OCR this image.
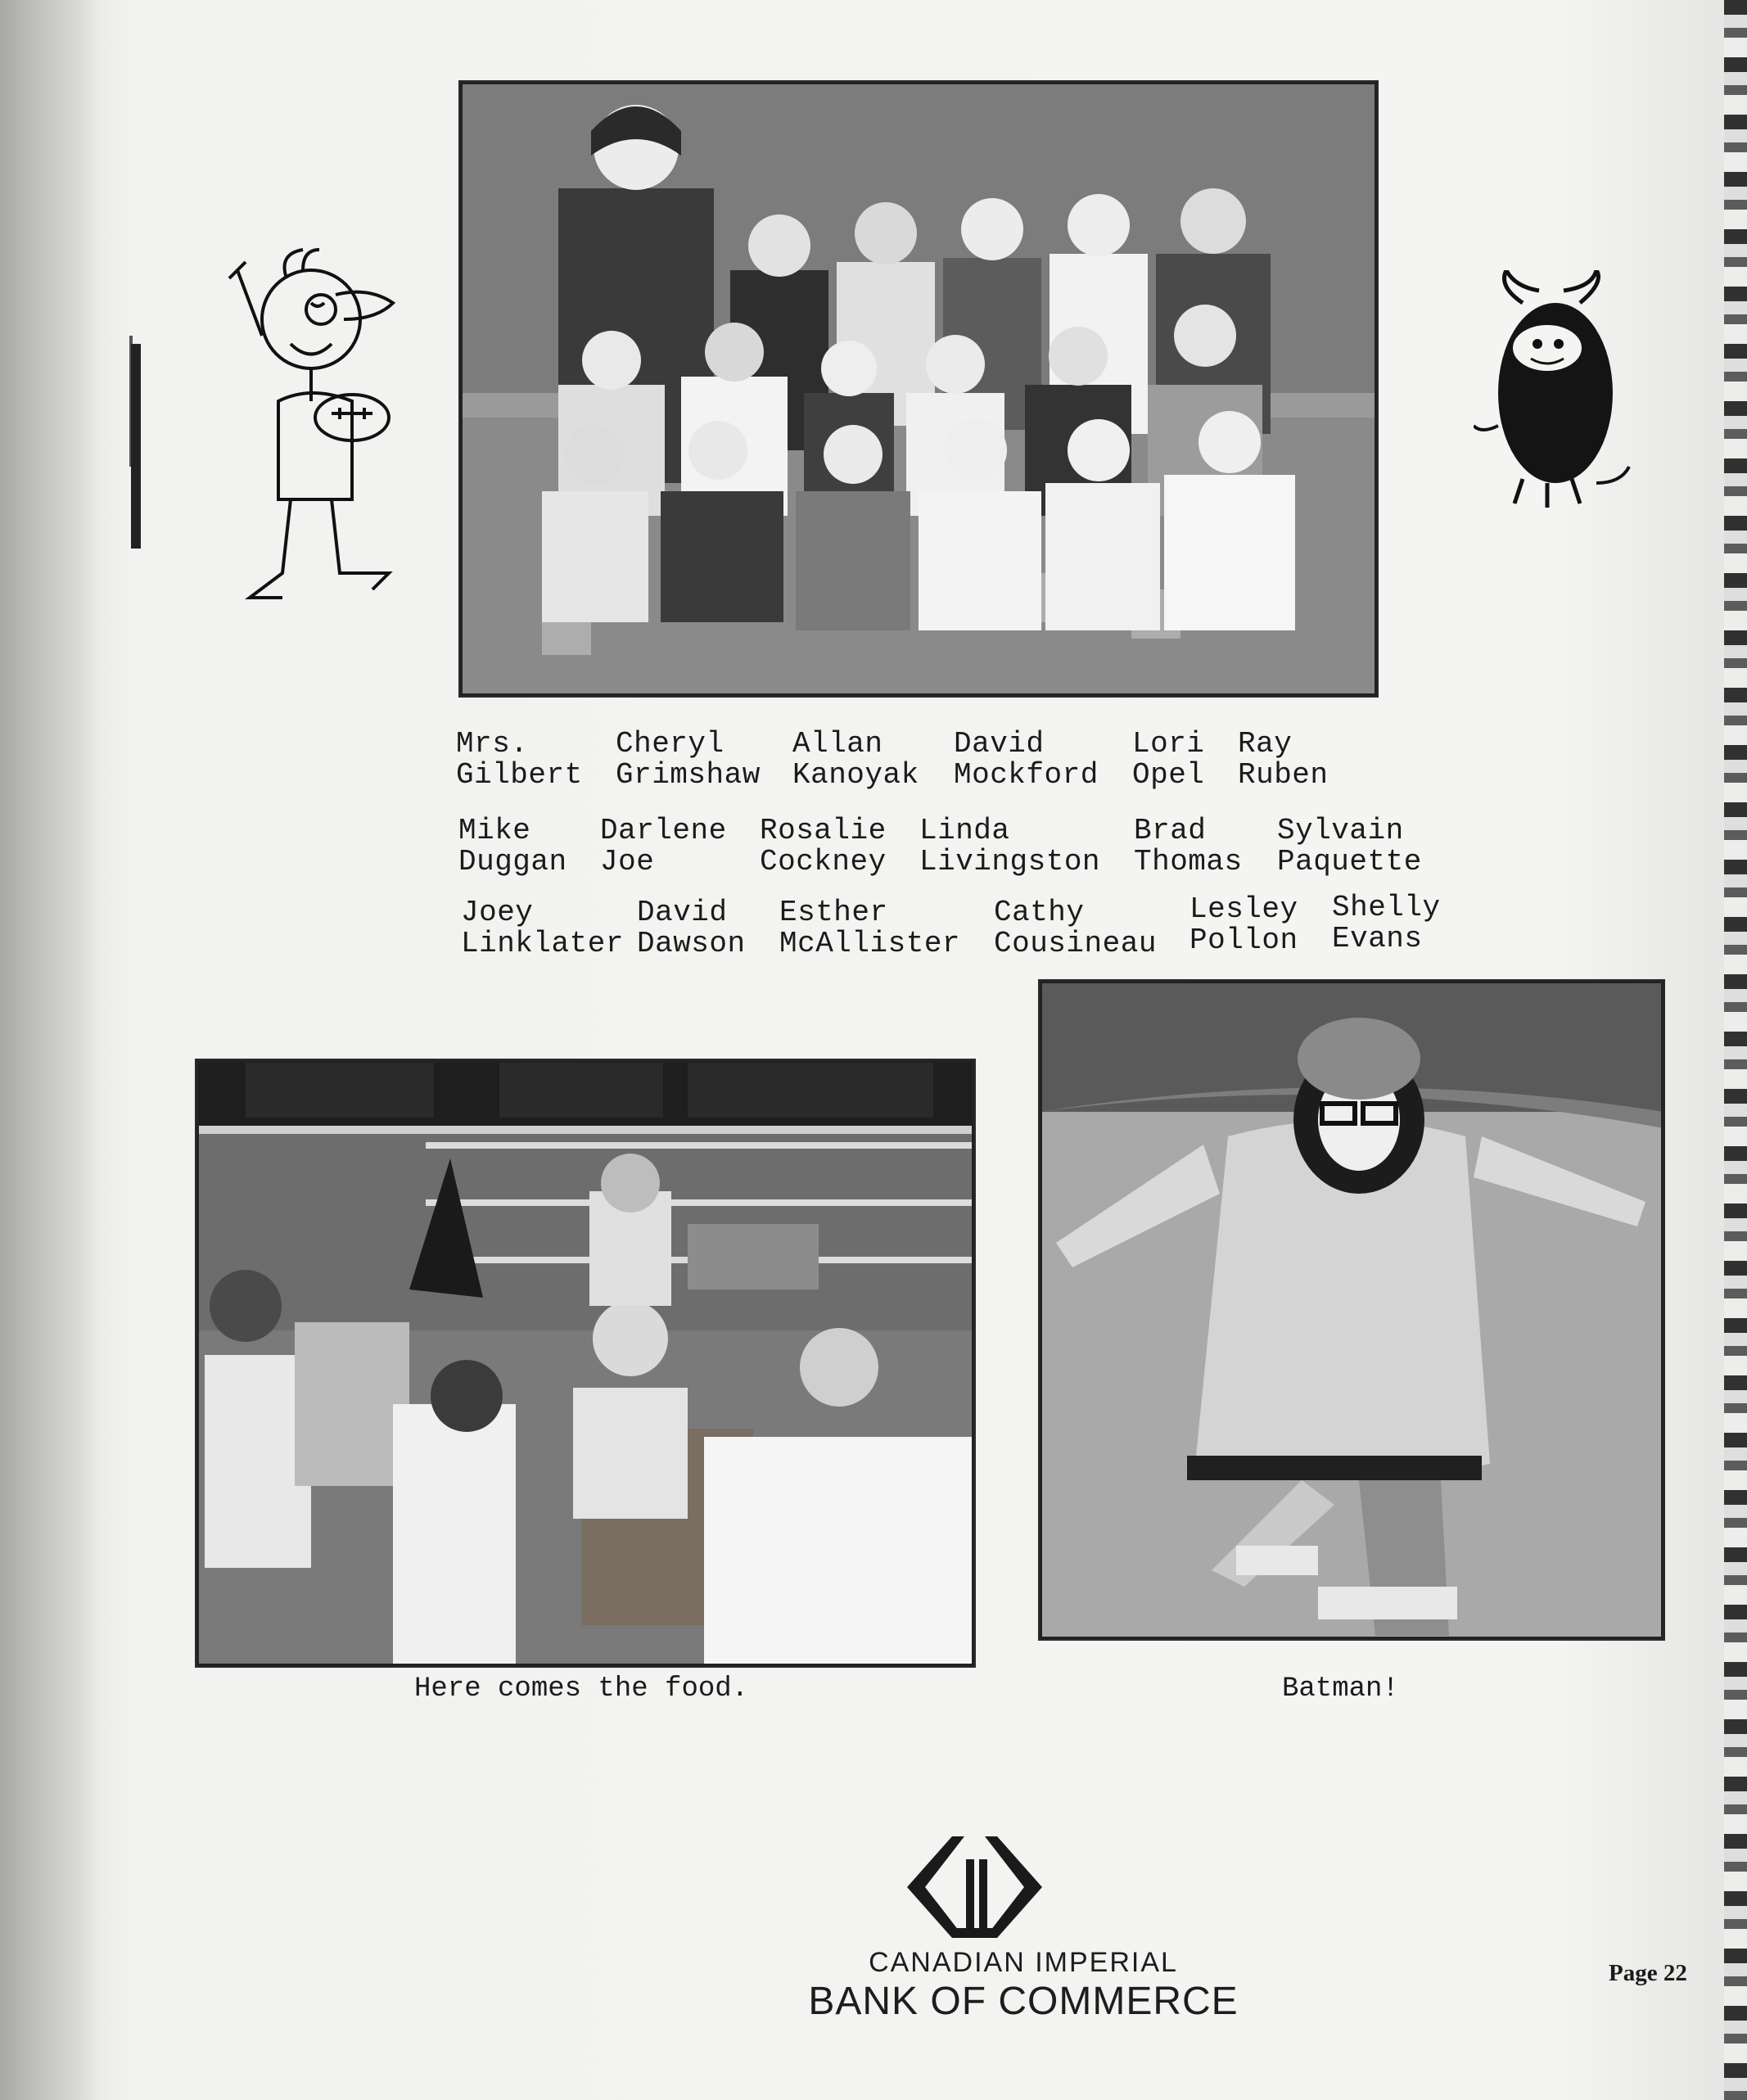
Mrs.
Gilbert
Cheryl
Grimshaw
Allan
Kanoyak
David
Mockford
Lori
Opel
Ray
Ruben
Mike
Duggan
Darlene
Joe
Rosalie
Cockney
Linda
Livingston
Brad
Thomas
Sylvain
Paquette
Joey
Linklater
David
Dawson
Esther
McAllister
Cathy
Cousineau
Lesley
Pollon
Shelly
Evans
Here comes the food.	Batman!
CANADIAN IMPERIAL
BANK OF COMMERCE
Page 22
